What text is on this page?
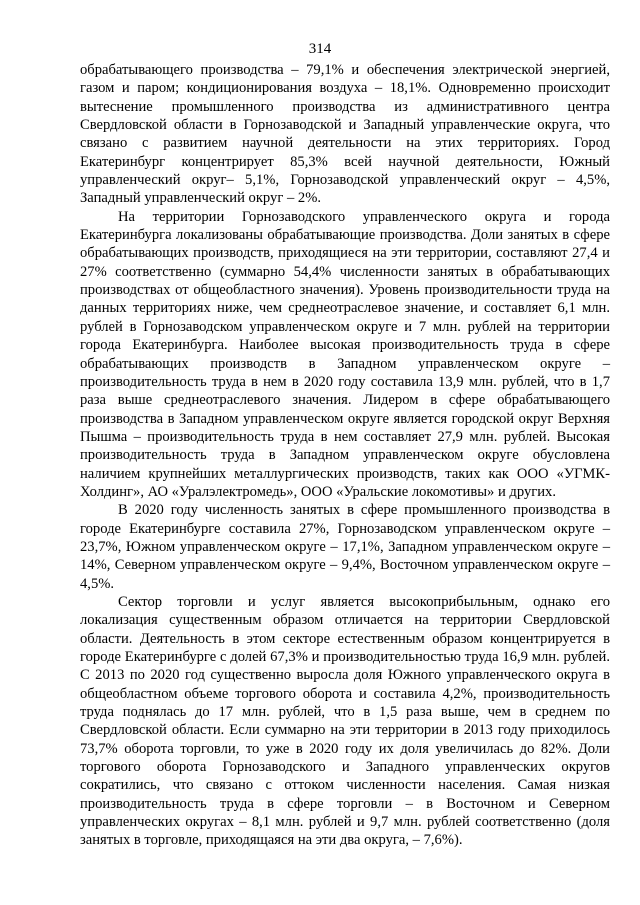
314

обрабатывающего производства – 79,1% и обеспечения электрической энергией, газом и паром; кондиционирования воздуха – 18,1%. Одновременно происходит вытеснение промышленного производства из административного центра Свердловской области в Горнозаводской и Западный управленческие округа, что связано с развитием научной деятельности на этих территориях. Город Екатеринбург концентрирует 85,3% всей научной деятельности, Южный управленческий округ– 5,1%, Горнозаводской управленческий округ – 4,5%, Западный управленческий округ – 2%.

На территории Горнозаводского управленческого округа и города Екатеринбурга локализованы обрабатывающие производства. Доли занятых в сфере обрабатывающих производств, приходящиеся на эти территории, составляют 27,4 и 27% соответственно (суммарно 54,4% численности занятых в обрабатывающих производствах от общеобластного значения). Уровень производительности труда на данных территориях ниже, чем среднеотраслевое значение, и составляет 6,1 млн. рублей в Горнозаводском управленческом округе и 7 млн. рублей на территории города Екатеринбурга. Наиболее высокая производительность труда в сфере обрабатывающих производств в Западном управленческом округе – производительность труда в нем в 2020 году составила 13,9 млн. рублей, что в 1,7 раза выше среднеотраслевого значения. Лидером в сфере обрабатывающего производства в Западном управленческом округе является городской округ Верхняя Пышма – производительность труда в нем составляет 27,9 млн. рублей. Высокая производительность труда в Западном управленческом округе обусловлена наличием крупнейших металлургических производств, таких как ООО «УГМК-Холдинг», АО «Уралэлектромедь», ООО «Уральские локомотивы» и других.

В 2020 году численность занятых в сфере промышленного производства в городе Екатеринбурге составила 27%, Горнозаводском управленческом округе – 23,7%, Южном управленческом округе – 17,1%, Западном управленческом округе – 14%, Северном управленческом округе – 9,4%, Восточном управленческом округе – 4,5%.

Сектор торговли и услуг является высокоприбыльным, однако его локализация существенным образом отличается на территории Свердловской области. Деятельность в этом секторе естественным образом концентрируется в городе Екатеринбурге с долей 67,3% и производительностью труда 16,9 млн. рублей. С 2013 по 2020 год существенно выросла доля Южного управленческого округа в общеобластном объеме торгового оборота и составила 4,2%, производительность труда поднялась до 17 млн. рублей, что в 1,5 раза выше, чем в среднем по Свердловской области. Если суммарно на эти территории в 2013 году приходилось 73,7% оборота торговли, то уже в 2020 году их доля увеличилась до 82%. Доли торгового оборота Горнозаводского и Западного управленческих округов сократились, что связано с оттоком численности населения. Самая низкая производительность труда в сфере торговли – в Восточном и Северном управленческих округах – 8,1 млн. рублей и 9,7 млн. рублей соответственно (доля занятых в торговле, приходящаяся на эти два округа, – 7,6%).
